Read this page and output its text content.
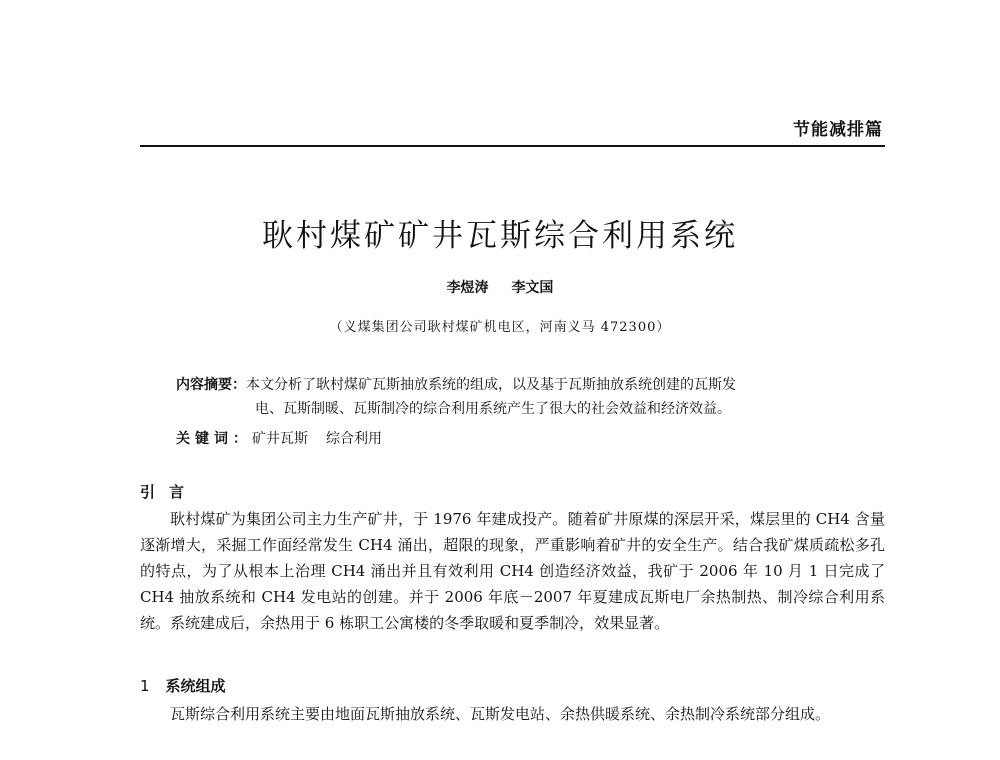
节能减排篇
耿村煤矿矿井瓦斯综合利用系统
李煜涛 李文国
（义煤集团公司耿村煤矿机电区，河南义马 472300）
内容摘要：本文分析了耿村煤矿瓦斯抽放系统的组成，以及基于瓦斯抽放系统创建的瓦斯发
电、瓦斯制暖、瓦斯制冷的综合利用系统产生了很大的社会效益和经济效益。
关键词：矿井瓦斯 综合利用
引言

耿村煤矿为集团公司主力生产矿井，于 1976 年建成投产。随着矿井原煤的深层开采，煤层里的 CH4 含量逐渐增大，采掘工作面经常发生 CH4 涌出，超限的现象，严重影响着矿井的安全生产。结合我矿煤质疏松多孔的特点，为了从根本上治理 CH4 涌出并且有效利用 CH4 创造经济效益，我矿于 2006 年 10 月 1 日完成了 CH4 抽放系统和 CH4 发电站的创建。并于 2006 年底－2007 年夏建成瓦斯电厂余热制热、制冷综合利用系统。系统建成后，余热用于 6 栋职工公寓楼的冬季取暖和夏季制冷，效果显著。

1 系统组成

瓦斯综合利用系统主要由地面瓦斯抽放系统、瓦斯发电站、余热供暖系统、余热制冷系统部分组成。
